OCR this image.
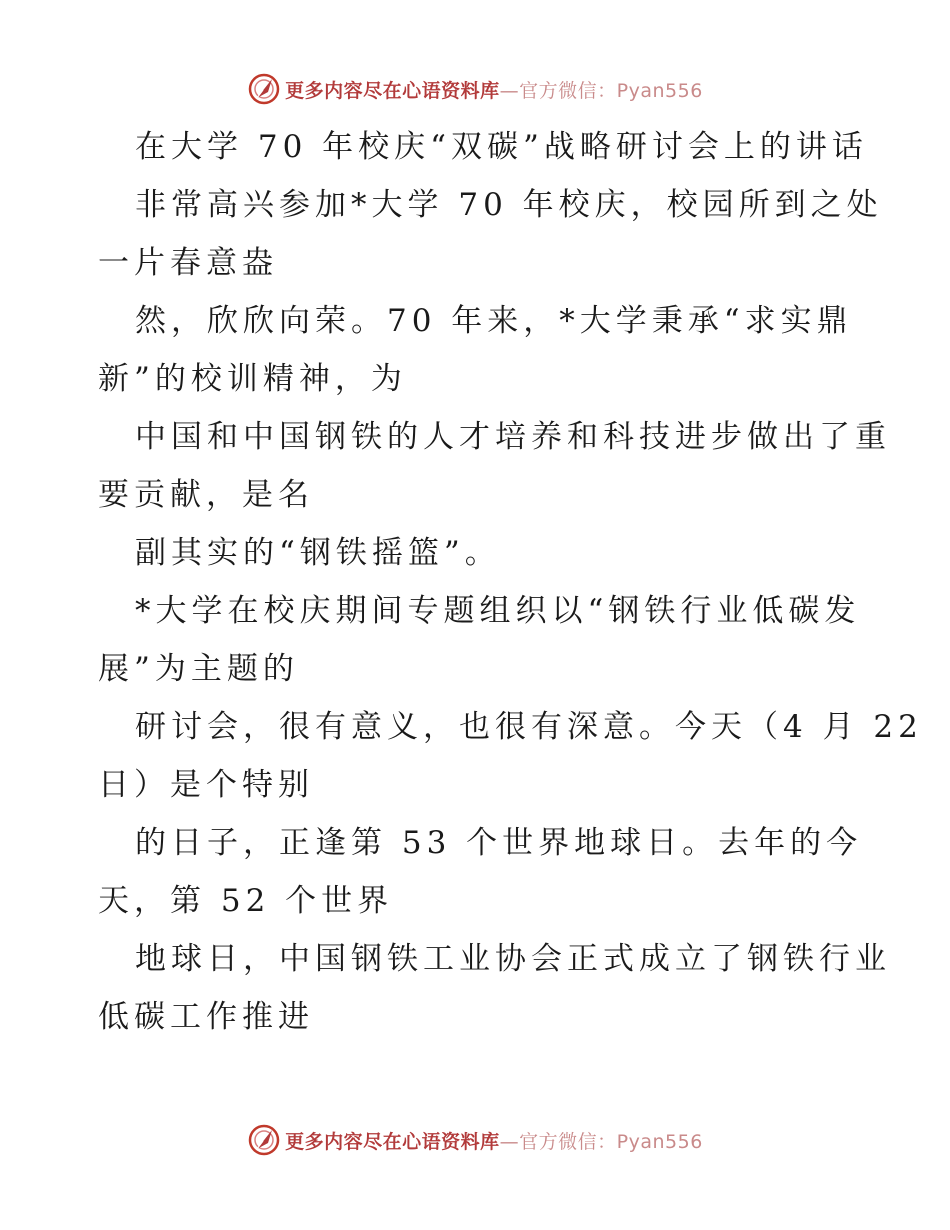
更多内容尽在心语资料库—官方微信：Pyan556
在大学 70 年校庆“双碳”战略研讨会上的讲话
非常高兴参加*大学 70 年校庆，校园所到之处
一片春意盎
然，欣欣向荣。70 年来，*大学秉承“求实鼎
新”的校训精神，为
中国和中国钢铁的人才培养和科技进步做出了重
要贡献，是名
副其实的“钢铁摇篮”。
*大学在校庆期间专题组织以“钢铁行业低碳发
展”为主题的
研讨会，很有意义，也很有深意。今天（4 月 22
日）是个特别
的日子，正逢第 53 个世界地球日。去年的今
天，第 52 个世界
地球日，中国钢铁工业协会正式成立了钢铁行业
低碳工作推进
更多内容尽在心语资料库—官方微信：Pyan556
